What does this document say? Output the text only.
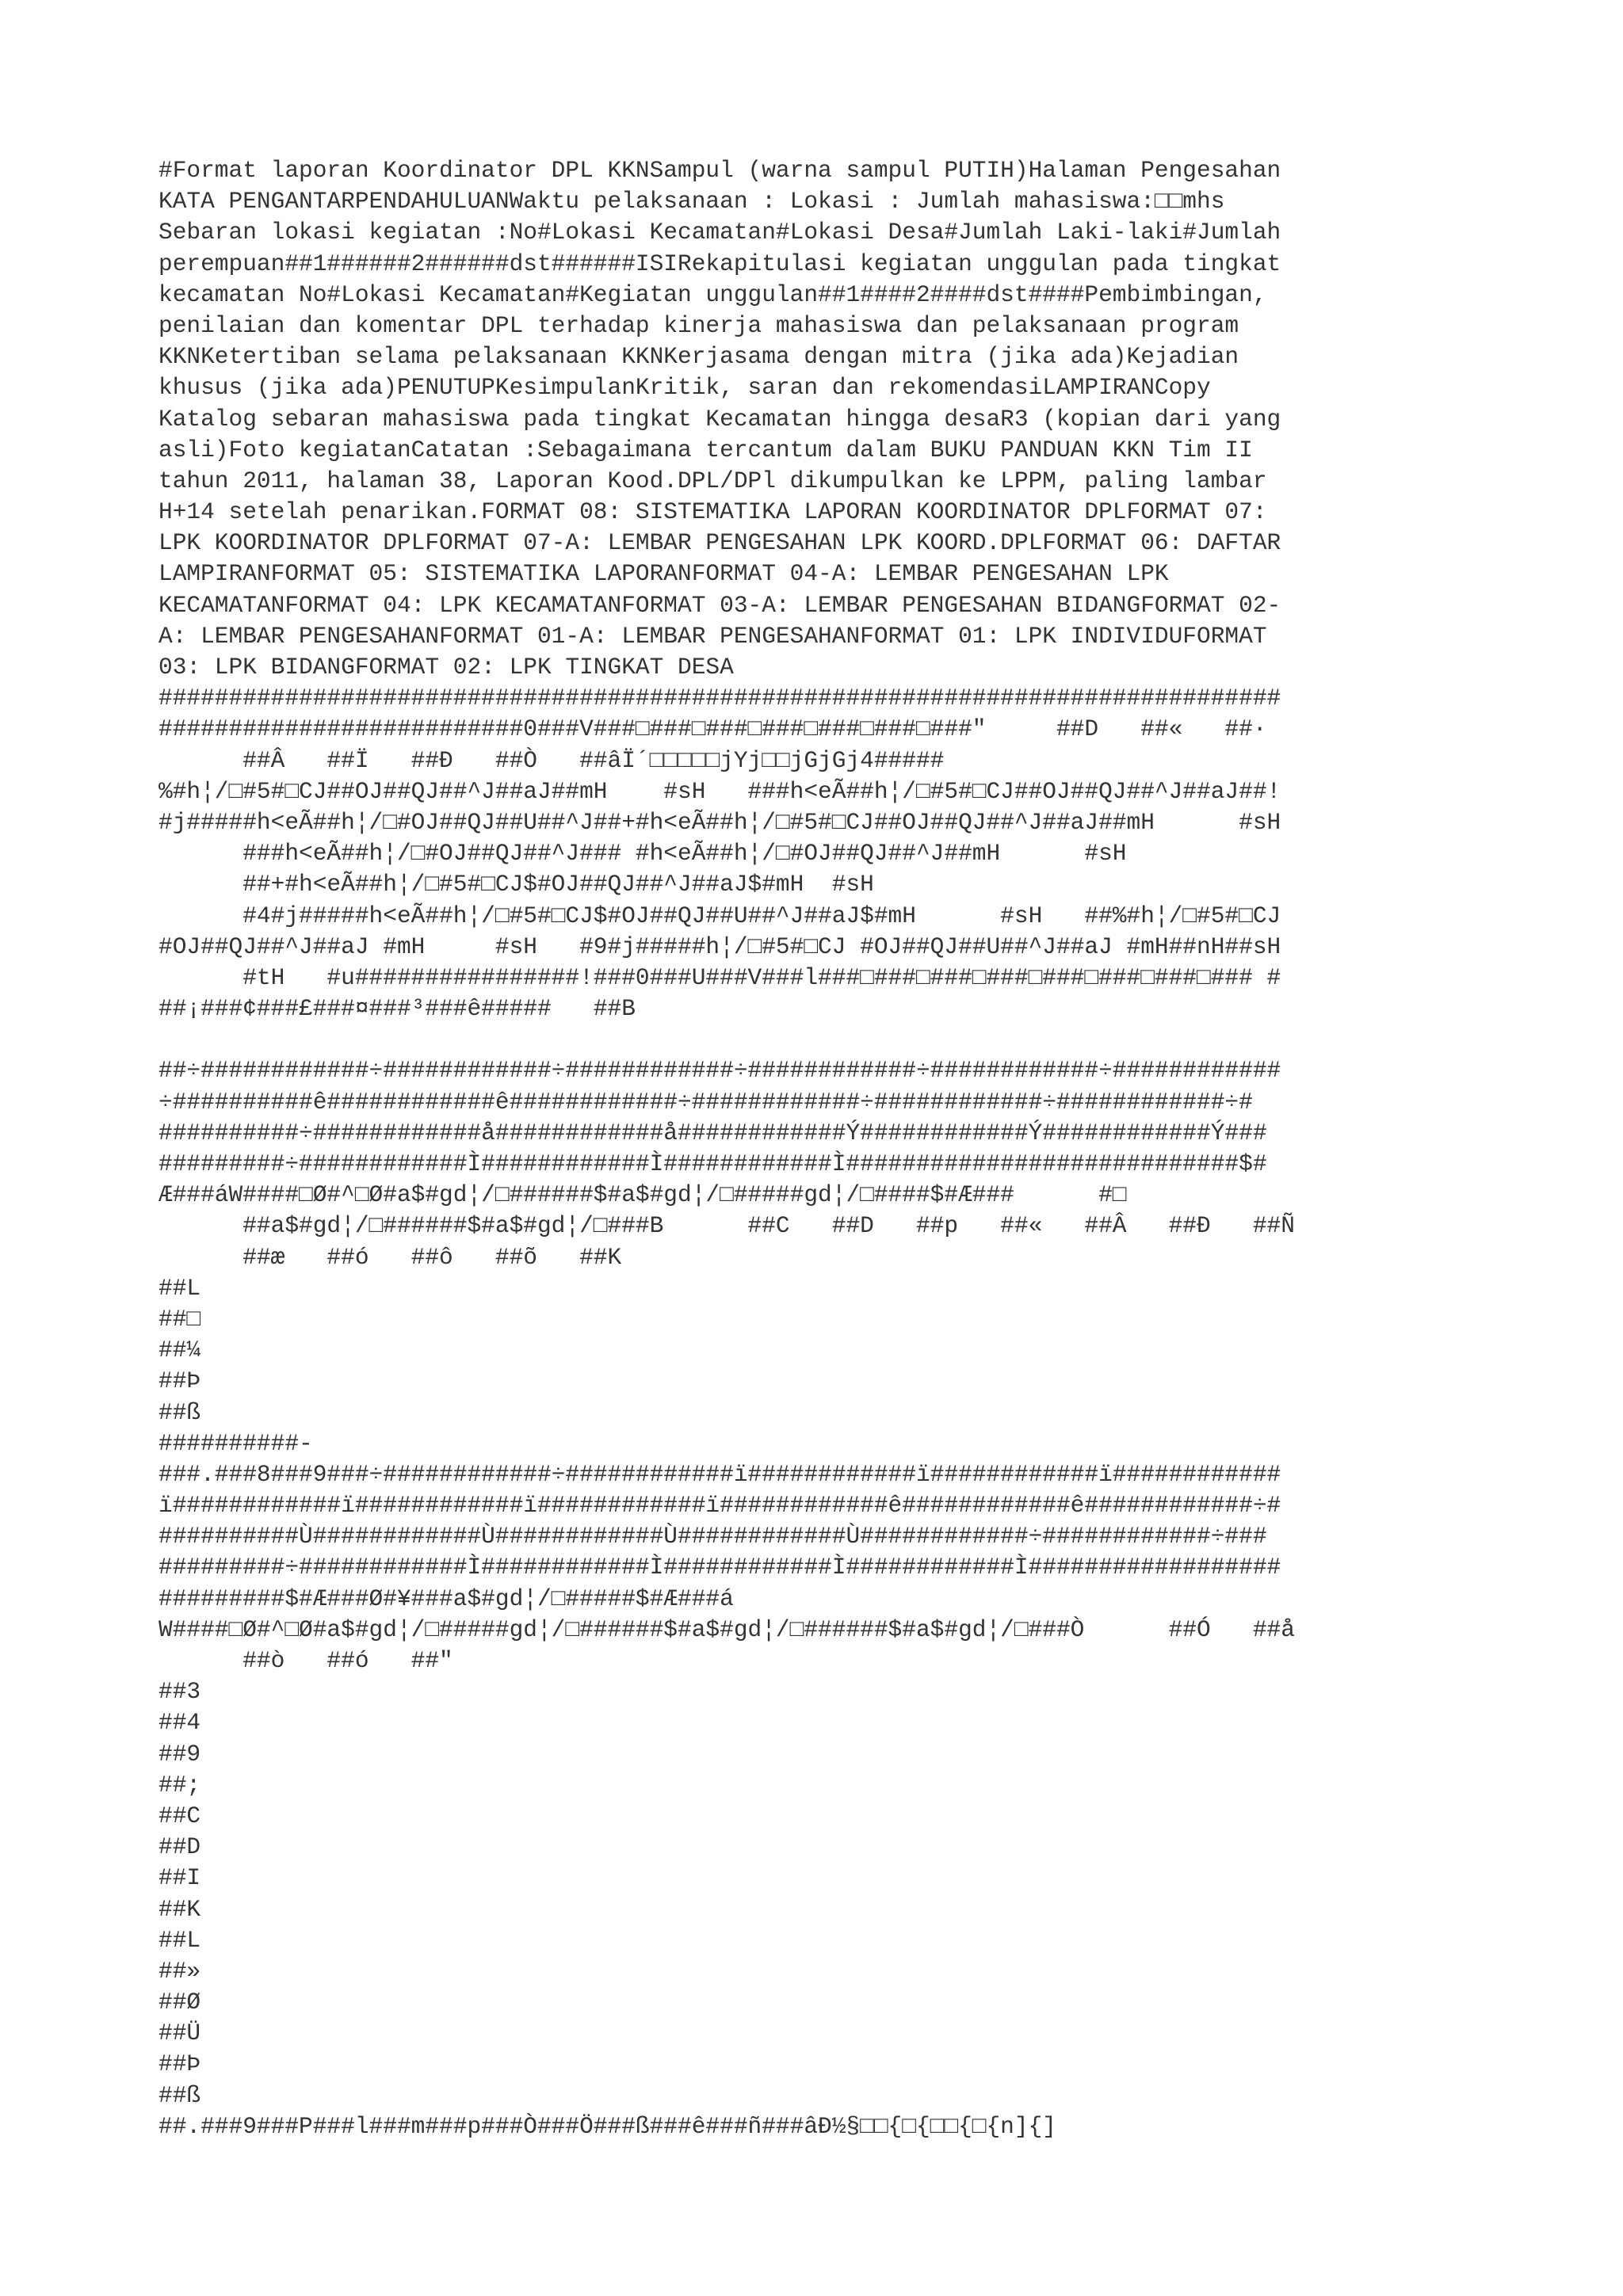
#Format laporan Koordinator DPL KKNSampul (warna sampul PUTIH)Halaman Pengesahan
KATA PENGANTARPENDAHULUANWaktu pelaksanaan : Lokasi : Jumlah mahasiswa:□□mhs
Sebaran lokasi kegiatan :No#Lokasi Kecamatan#Lokasi Desa#Jumlah Laki-laki#Jumlah
perempuan##1######2######dst######ISIRekapitulasi kegiatan unggulan pada tingkat
kecamatan No#Lokasi Kecamatan#Kegiatan unggulan##1####2####dst####Pembimbingan,
penilaian dan komentar DPL terhadap kinerja mahasiswa dan pelaksanaan program
KKNKetertiban selama pelaksanaan KKNKerjasama dengan mitra (jika ada)Kejadian
khusus (jika ada)PENUTUPKesimpulanKritik, saran dan rekomendasiLAMPIRANCopy
Katalog sebaran mahasiswa pada tingkat Kecamatan hingga desaR3 (kopian dari yang
asli)Foto kegiatanCatatan :Sebagaimana tercantum dalam BUKU PANDUAN KKN Tim II
tahun 2011, halaman 38, Laporan Kood.DPL/DPl dikumpulkan ke LPPM, paling lambar
H+14 setelah penarikan.FORMAT 08: SISTEMATIKA LAPORAN KOORDINATOR DPLFORMAT 07:
LPK KOORDINATOR DPLFORMAT 07-A: LEMBAR PENGESAHAN LPK KOORD.DPLFORMAT 06: DAFTAR
LAMPIRANFORMAT 05: SISTEMATIKA LAPORANFORMAT 04-A: LEMBAR PENGESAHAN LPK
KECAMATANFORMAT 04: LPK KECAMATANFORMAT 03-A: LEMBAR PENGESAHAN BIDANGFORMAT 02-
A: LEMBAR PENGESAHANFORMAT 01-A: LEMBAR PENGESAHANFORMAT 01: LPK INDIVIDUFORMAT
03: LPK BIDANGFORMAT 02: LPK TINGKAT DESA
################################################################################
##########################0###V###□###□###□###□###□###□###"     ##D   ##«   ##·
##Â   ##Ï   ##Ð   ##Ò   ##âÏ´□□□□□jYj□□jGjGj4#####
%#h¦/□#5#□CJ##OJ##QJ##^J##aJ##mH    #sH   ###h<eÃ##h¦/□#5#□CJ##OJ##QJ##^J##aJ##!
#j#####h<eÃ##h¦/□#OJ##QJ##U##^J##+#h<eÃ##h¦/□#5#□CJ##OJ##QJ##^J##aJ##mH      #sH
###h<eÃ##h¦/□#OJ##QJ##^J### #h<eÃ##h¦/□#OJ##QJ##^J##mH      #sH
##+#h<eÃ##h¦/□#5#□CJ$#OJ##QJ##^J##aJ$#mH  #sH
#4#j#####h<eÃ##h¦/□#5#□CJ$#OJ##QJ##U##^J##aJ$#mH      #sH   ##%#h¦/□#5#□CJ
#OJ##QJ##^J##aJ #mH     #sH   #9#j#####h¦/□#5#□CJ #OJ##QJ##U##^J##aJ #mH##nH##sH
#tH   #u################!###0###U###V###l###□###□###□###□###□###□###□### #
##¡###¢###£###¤###³###ê#####   ##B
##÷############÷############÷############÷############÷############÷############
÷##########ê############ê############÷############÷############÷############÷#
##########÷############å############å############Ý############Ý############Ý###
#########÷############Ì############Ì############Ì############################$#
Æ###áW####□Ø#^□Ø#a$#gd¦/□######$#a$#gd¦/□#####gd¦/□####$#Æ###      #□
##a$#gd¦/□######$#a$#gd¦/□###B      ##C   ##D   ##p   ##«   ##Â   ##Ð   ##Ñ
##æ   ##ó   ##ô   ##õ   ##K
##L
##□
##¼
##Þ
##ß
##########-
###.###8###9###÷############÷############ï############ï############ï############
ï############ï############ï############ï############ê############ê############÷#
##########Ù############Ù############Ù############Ù############÷############÷###
#########÷############Ì############Ì############Ì############Ì##################
#########$#Æ###Ø#¥###a$#gd¦/□#####$#Æ###á
W####□Ø#^□Ø#a$#gd¦/□#####gd¦/□######$#a$#gd¦/□######$#a$#gd¦/□###Ò      ##Ó   ##å
##ò   ##ó   ##"
##3
##4
##9
##;
##C
##D
##I
##K
##L
##»
##Ø
##Ü
##Þ
##ß
##.###9###P###l###m###p###Ò###Ö###ß###ê###ñ###âÐ½§□□{□{□□{□{n]{]
